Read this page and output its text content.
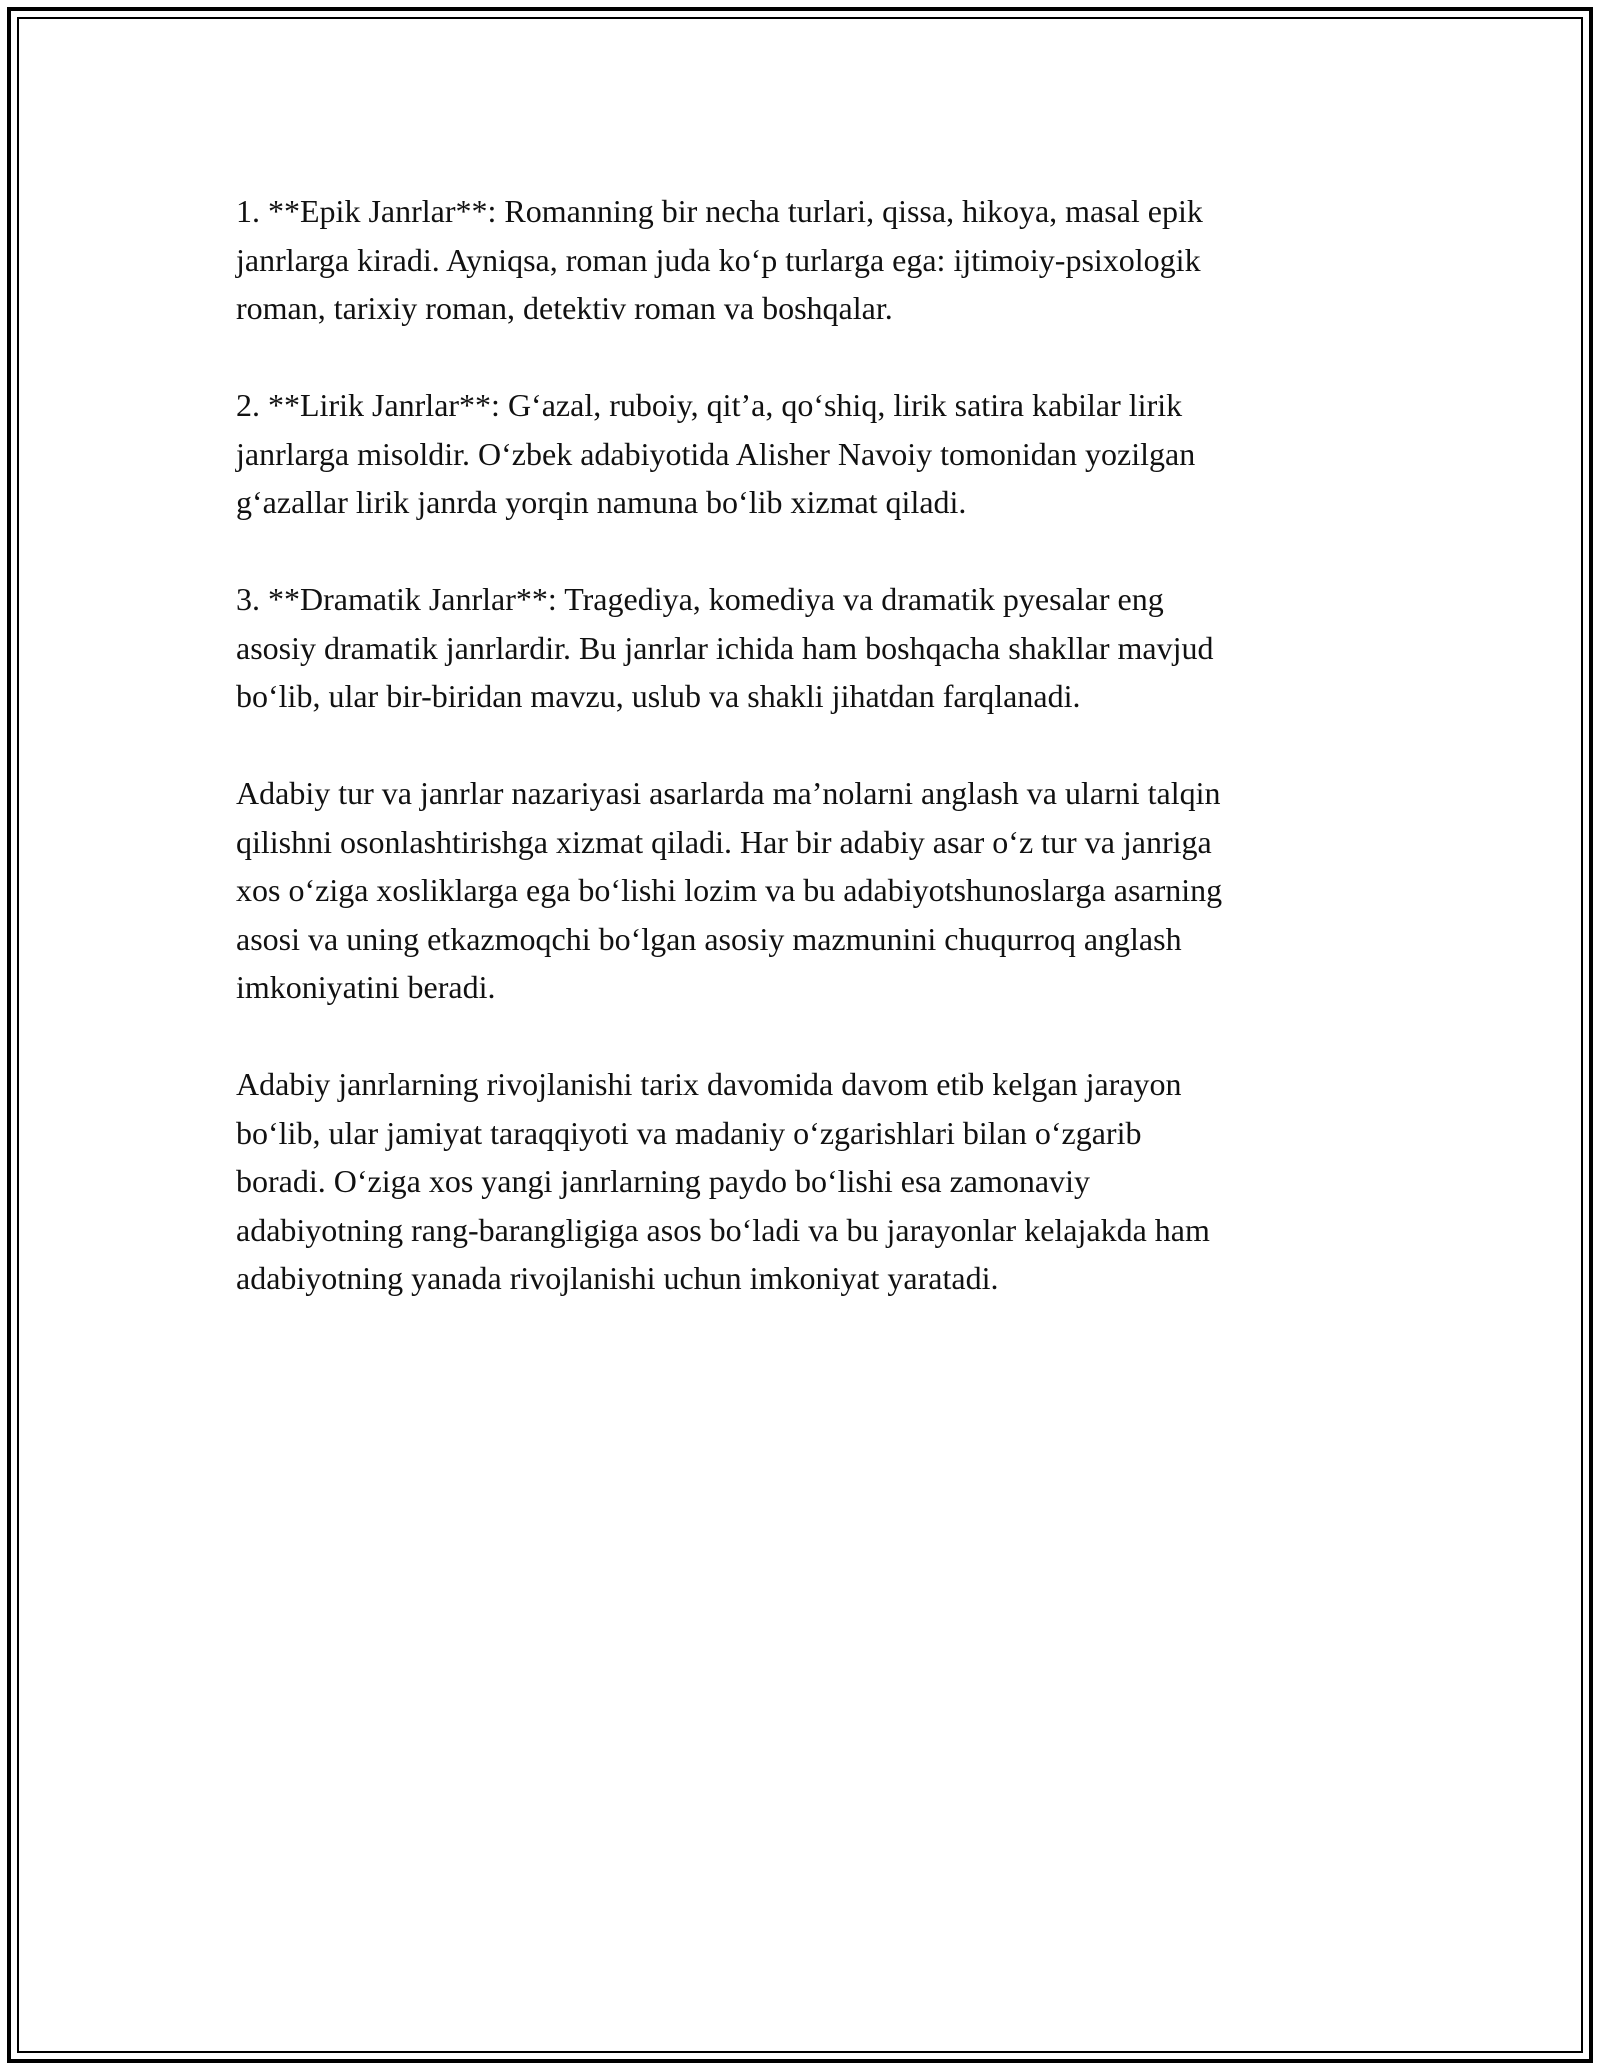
1. **Epik Janrlar**: Romanning bir necha turlari, qissa, hikoya, masal epik
janrlarga kiradi. Ayniqsa, roman juda ko‘p turlarga ega: ijtimoiy-psixologik
roman, tarixiy roman, detektiv roman va boshqalar.

2. **Lirik Janrlar**: G‘azal, ruboiy, qit’a, qo‘shiq, lirik satira kabilar lirik
janrlarga misoldir. O‘zbek adabiyotida Alisher Navoiy tomonidan yozilgan
g‘azallar lirik janrda yorqin namuna bo‘lib xizmat qiladi.

3. **Dramatik Janrlar**: Tragediya, komediya va dramatik pyesalar eng
asosiy dramatik janrlardir. Bu janrlar ichida ham boshqacha shakllar mavjud
bo‘lib, ular bir-biridan mavzu, uslub va shakli jihatdan farqlanadi.

Adabiy tur va janrlar nazariyasi asarlarda ma’nolarni anglash va ularni talqin
qilishni osonlashtirishga xizmat qiladi. Har bir adabiy asar o‘z tur va janriga
xos o‘ziga xosliklarga ega bo‘lishi lozim va bu adabiyotshunoslarga asarning
asosi va uning etkazmoqchi bo‘lgan asosiy mazmunini chuqurroq anglash
imkoniyatini beradi.

Adabiy janrlarning rivojlanishi tarix davomida davom etib kelgan jarayon
bo‘lib, ular jamiyat taraqqiyoti va madaniy o‘zgarishlari bilan o‘zgarib
boradi. O‘ziga xos yangi janrlarning paydo bo‘lishi esa zamonaviy
adabiyotning rang-barangligiga asos bo‘ladi va bu jarayonlar kelajakda ham
adabiyotning yanada rivojlanishi uchun imkoniyat yaratadi.
